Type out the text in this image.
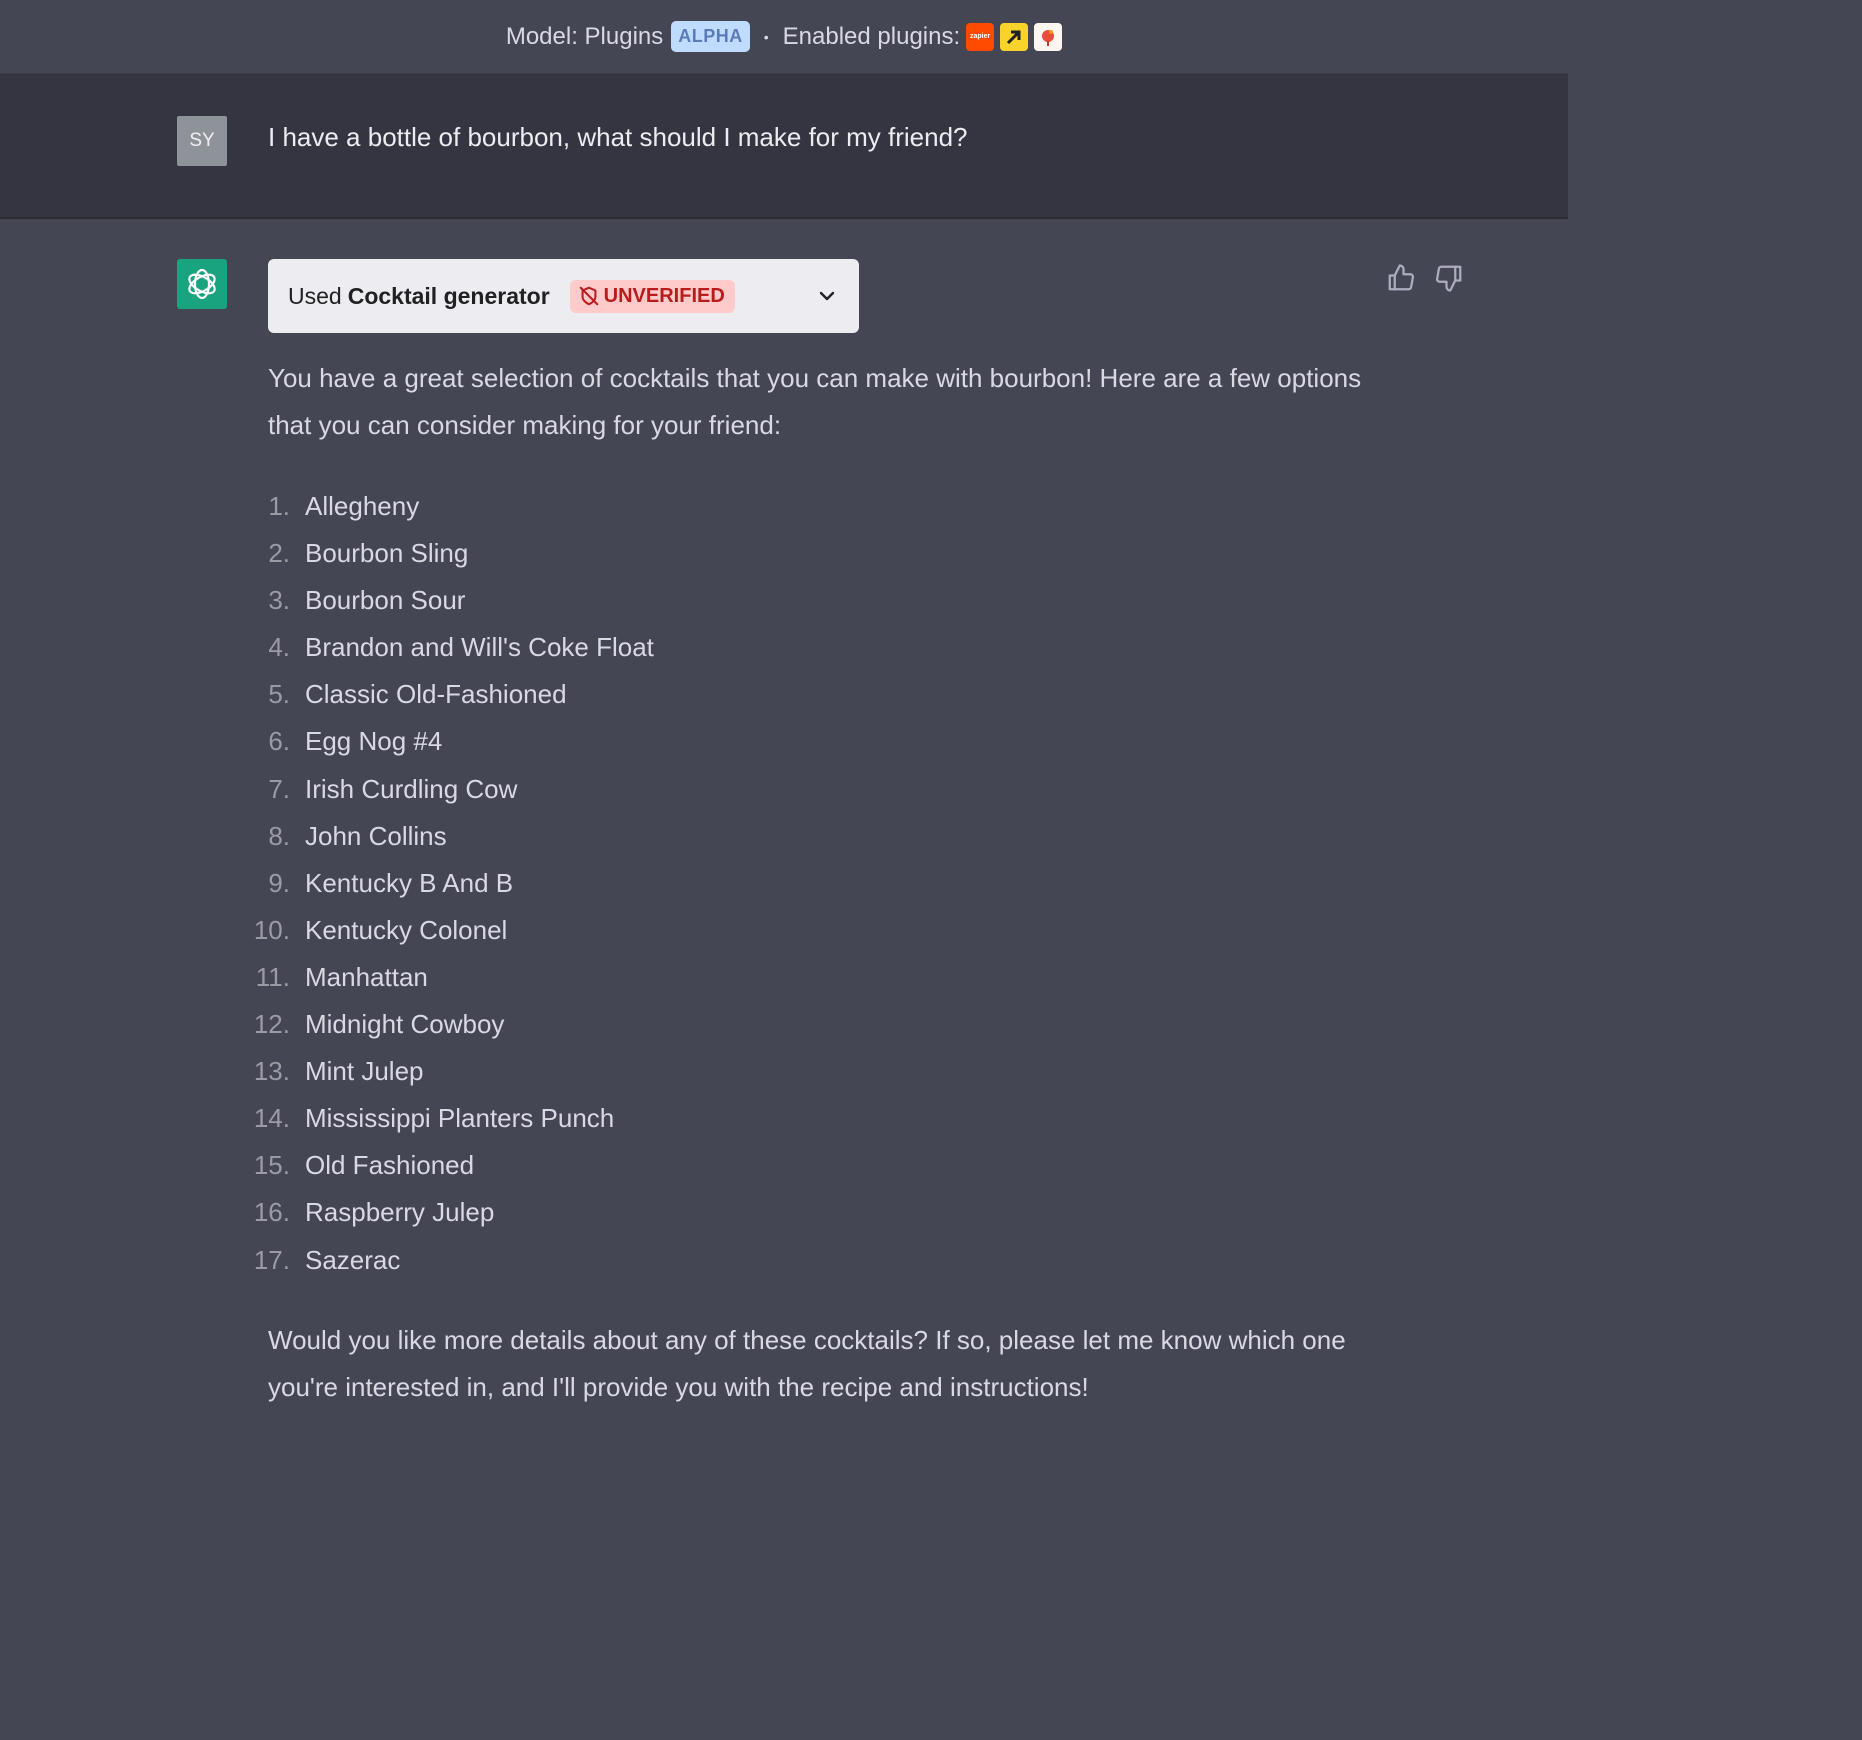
Model: Plugins ALPHA	• Enabled plugins:	zapier
SY	I have a bottle of bourbon, what should I make for my friend?
Used Cocktail generator	UNVERIFIED
You have a great selection of cocktails that you can make with bourbon! Here are a few options that you can consider making for your friend:
1. Allegheny
2. Bourbon Sling
3. Bourbon Sour
4. Brandon and Will's Coke Float
5. Classic Old-Fashioned
6. Egg Nog #4
7. Irish Curdling Cow
8. John Collins
9. Kentucky B And B
10. Kentucky Colonel
11. Manhattan
12. Midnight Cowboy
13. Mint Julep
14. Mississippi Planters Punch
15. Old Fashioned
16. Raspberry Julep
17. Sazerac
Would you like more details about any of these cocktails? If so, please let me know which one you're interested in, and I'll provide you with the recipe and instructions!
